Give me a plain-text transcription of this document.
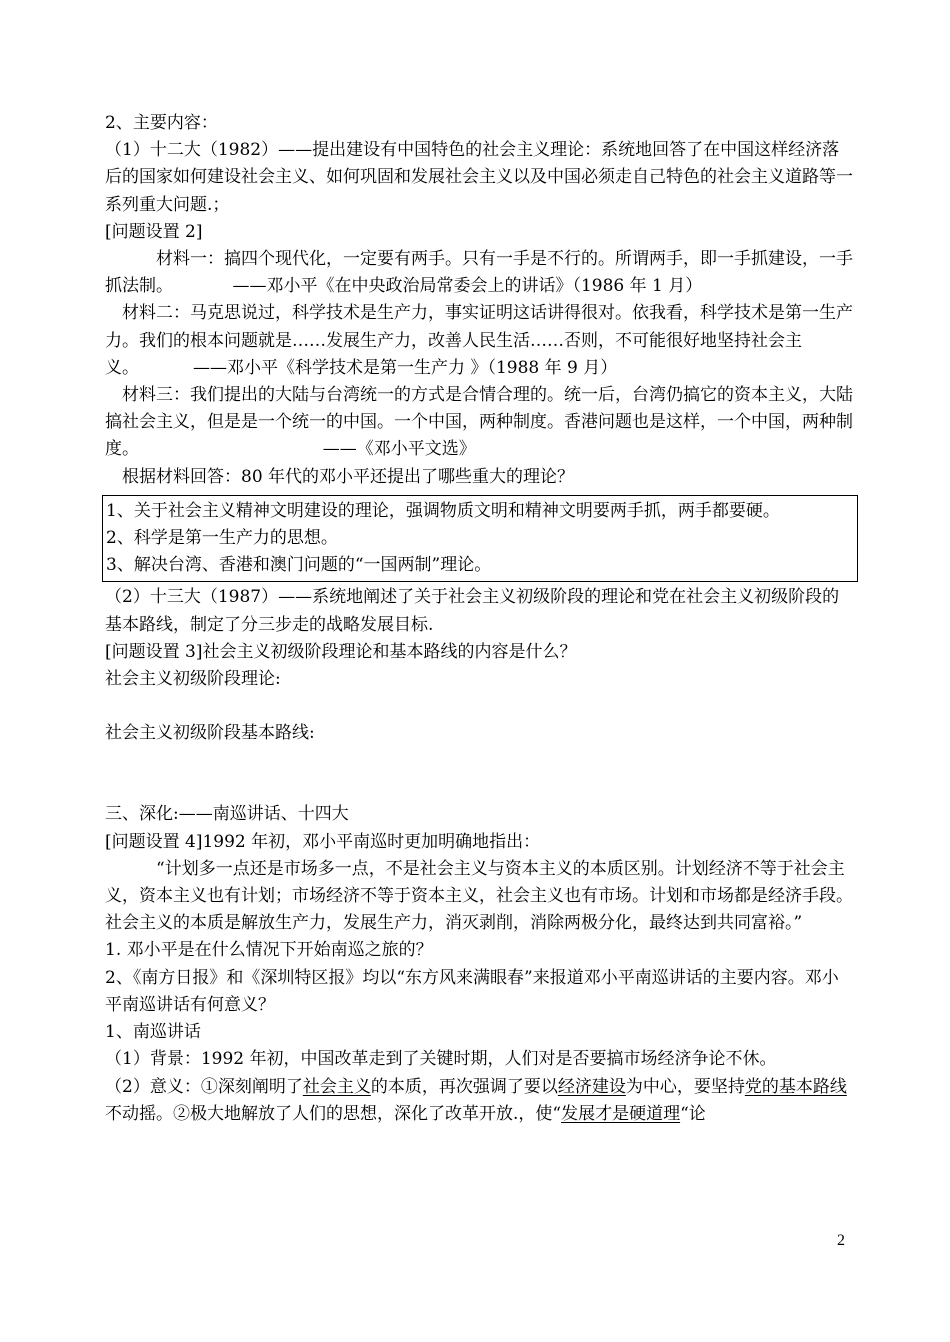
2、主要内容：

（1）十二大（1982）——提出建设有中国特色的社会主义理论：系统地回答了在中国这样经济落后的国家如何建设社会主义、如何巩固和发展社会主义以及中国必须走自己特色的社会主义道路等一系列重大问题.；

[问题设置 2]

材料一：搞四个现代化，一定要有两手。只有一手是不行的。所谓两手，即一手抓建设，一手抓法制。	——邓小平《在中央政治局常委会上的讲话》（1986 年 1 月）

材料二：马克思说过，科学技术是生产力，事实证明这话讲得很对。依我看，科学技术是第一生产力。我们的根本问题就是……发展生产力，改善人民生活……否则，不可能很好地坚持社会主义。	——邓小平《科学技术是第一生产力 》（1988 年 9 月）

材料三：我们提出的大陆与台湾统一的方式是合情合理的。统一后，台湾仍搞它的资本主义，大陆搞社会主义，但是是一个统一的中国。一个中国，两种制度。香港问题也是这样，一个中国，两种制度。	——《邓小平文选》

根据材料回答：80 年代的邓小平还提出了哪些重大的理论？

1、关于社会主义精神文明建设的理论，强调物质文明和精神文明要两手抓，两手都要硬。

2、科学是第一生产力的思想。

3、解决台湾、香港和澳门问题的“一国两制”理论。

（2）十三大（1987）——系统地阐述了关于社会主义初级阶段的理论和党在社会主义初级阶段的基本路线，制定了分三步走的战略发展目标.

[问题设置 3]社会主义初级阶段理论和基本路线的内容是什么？

社会主义初级阶段理论:

社会主义初级阶段基本路线:

三、深化:——南巡讲话、十四大

[问题设置 4]1992 年初，邓小平南巡时更加明确地指出：

“计划多一点还是市场多一点，不是社会主义与资本主义的本质区别。计划经济不等于社会主义，资本主义也有计划；市场经济不等于资本主义，社会主义也有市场。计划和市场都是经济手段。社会主义的本质是解放生产力，发展生产力，消灭剥削，消除两极分化，最终达到共同富裕。”

1. 邓小平是在什么情况下开始南巡之旅的？

2、《南方日报》和《深圳特区报》均以“东方风来满眼春”来报道邓小平南巡讲话的主要内容。邓小平南巡讲话有何意义？

1、南巡讲话

（1）背景：1992 年初，中国改革走到了关键时期，人们对是否要搞市场经济争论不休。

（2）意义：①深刻阐明了社会主义的本质，再次强调了要以经济建设为中心，要坚持党的基本路线不动摇。②极大地解放了人们的思想，深化了改革开放.，使“发展才是硬道理“论

2
